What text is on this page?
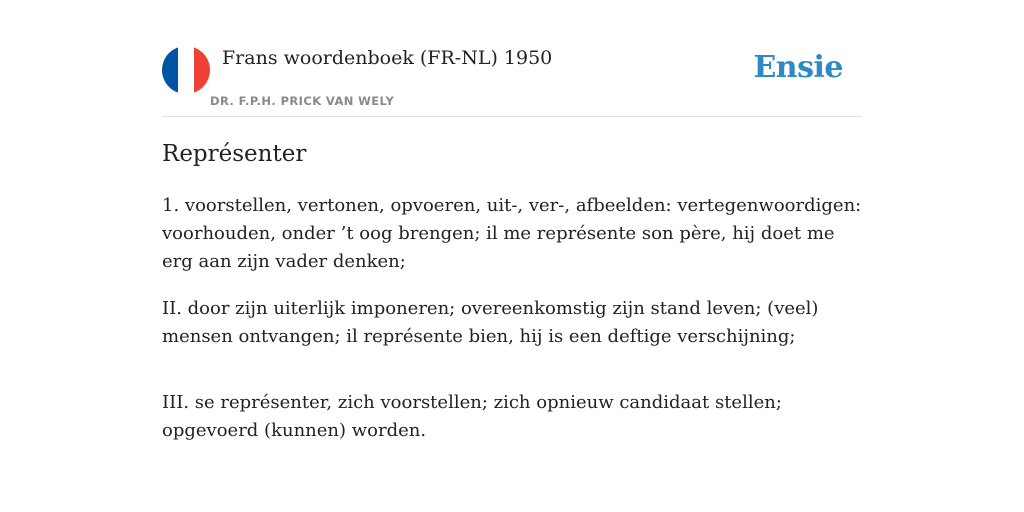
Frans woordenboek (FR-NL) 1950
DR. F.P.H. PRICK VAN WELY
Ensie
Représenter

1. voorstellen, vertonen, opvoeren, uit-, ver-, afbeelden: vertegenwoordigen: voorhouden, onder ’t oog brengen; il me représente son père, hij doet me erg aan zijn vader denken;

II. door zijn uiterlijk imponeren; overeenkomstig zijn stand leven; (veel) mensen ontvangen; il représente bien, hij is een deftige verschijning;

III. se représenter, zich voorstellen; zich opnieuw candidaat stellen; opgevoerd (kunnen) worden.
